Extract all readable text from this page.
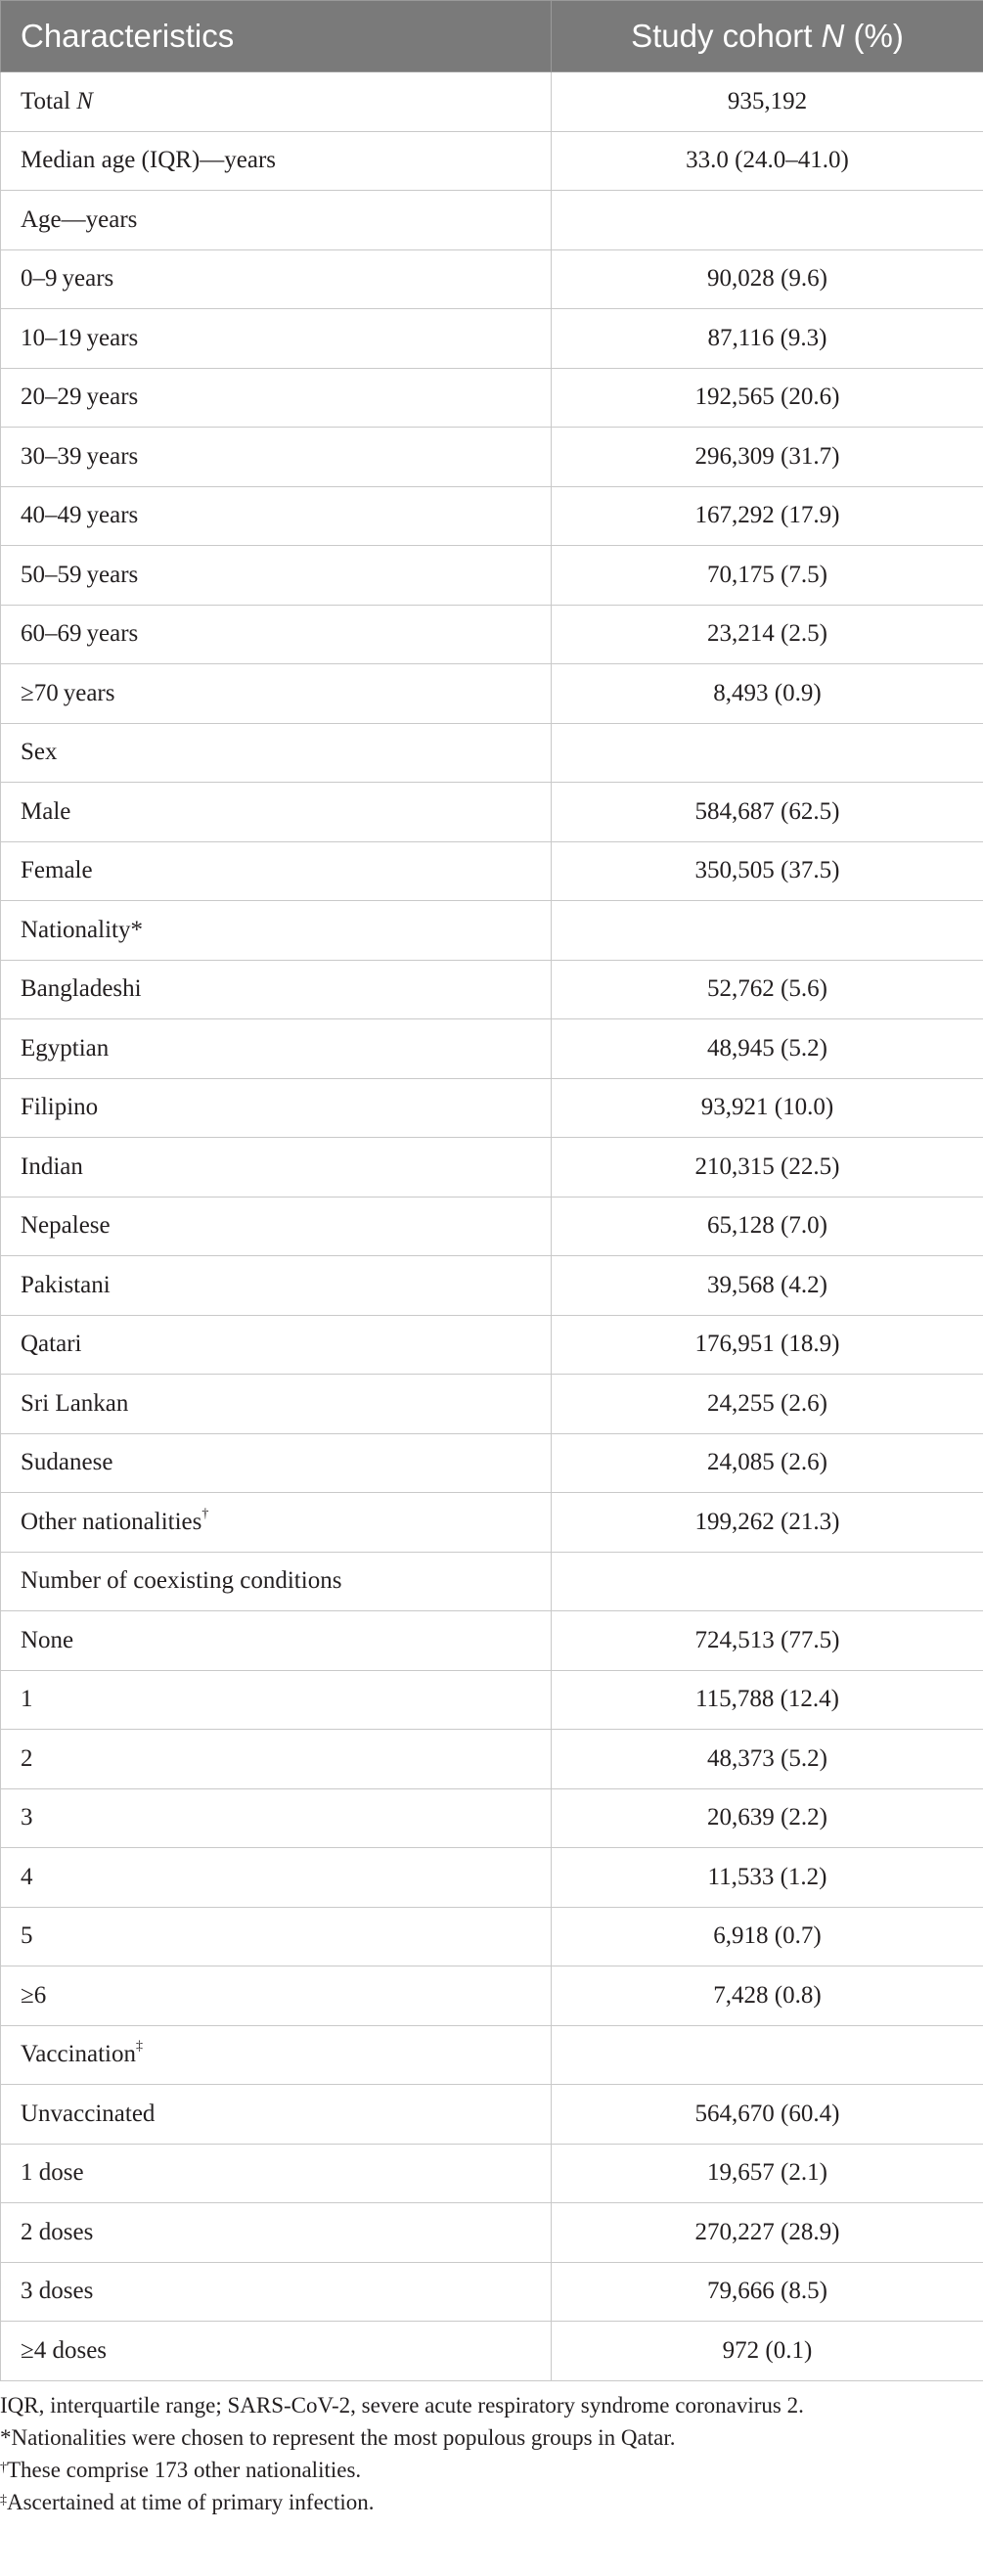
Characteristics	Study cohort N (%)
Total N	935,192
Median age (IQR)—years	33.0 (24.0–41.0)
Age—years	
0–9 years	90,028 (9.6)
10–19 years	87,116 (9.3)
20–29 years	192,565 (20.6)
30–39 years	296,309 (31.7)
40–49 years	167,292 (17.9)
50–59 years	70,175 (7.5)
60–69 years	23,214 (2.5)
≥70 years	8,493 (0.9)
Sex	
Male	584,687 (62.5)
Female	350,505 (37.5)
Nationality*	
Bangladeshi	52,762 (5.6)
Egyptian	48,945 (5.2)
Filipino	93,921 (10.0)
Indian	210,315 (22.5)
Nepalese	65,128 (7.0)
Pakistani	39,568 (4.2)
Qatari	176,951 (18.9)
Sri Lankan	24,255 (2.6)
Sudanese	24,085 (2.6)
Other nationalities†	199,262 (21.3)
Number of coexisting conditions	
None	724,513 (77.5)
1	115,788 (12.4)
2	48,373 (5.2)
3	20,639 (2.2)
4	11,533 (1.2)
5	6,918 (0.7)
≥6	7,428 (0.8)
Vaccination‡	
Unvaccinated	564,670 (60.4)
1 dose	19,657 (2.1)
2 doses	270,227 (28.9)
3 doses	79,666 (8.5)
≥4 doses	972 (0.1)

IQR, interquartile range; SARS-CoV-2, severe acute respiratory syndrome coronavirus 2.

*Nationalities were chosen to represent the most populous groups in Qatar.

†These comprise 173 other nationalities.

‡Ascertained at time of primary infection.
